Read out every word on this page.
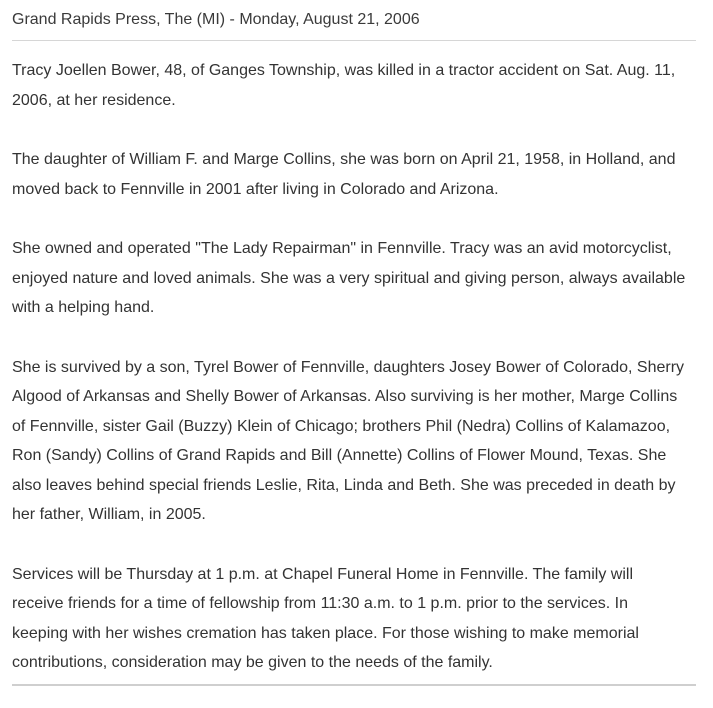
Grand Rapids Press, The (MI) - Monday, August 21, 2006

Tracy Joellen Bower, 48, of Ganges Township, was killed in a tractor accident on Sat. Aug. 11,
2006, at her residence.

The daughter of William F. and Marge Collins, she was born on April 21, 1958, in Holland, and
moved back to Fennville in 2001 after living in Colorado and Arizona.

She owned and operated "The Lady Repairman" in Fennville. Tracy was an avid motorcyclist,
enjoyed nature and loved animals. She was a very spiritual and giving person, always available
with a helping hand.

She is survived by a son, Tyrel Bower of Fennville, daughters Josey Bower of Colorado, Sherry
Algood of Arkansas and Shelly Bower of Arkansas. Also surviving is her mother, Marge Collins
of Fennville, sister Gail (Buzzy) Klein of Chicago; brothers Phil (Nedra) Collins of Kalamazoo,
Ron (Sandy) Collins of Grand Rapids and Bill (Annette) Collins of Flower Mound, Texas. She
also leaves behind special friends Leslie, Rita, Linda and Beth. She was preceded in death by
her father, William, in 2005.

Services will be Thursday at 1 p.m. at Chapel Funeral Home in Fennville. The family will
receive friends for a time of fellowship from 11:30 a.m. to 1 p.m. prior to the services. In
keeping with her wishes cremation has taken place. For those wishing to make memorial
contributions, consideration may be given to the needs of the family.
